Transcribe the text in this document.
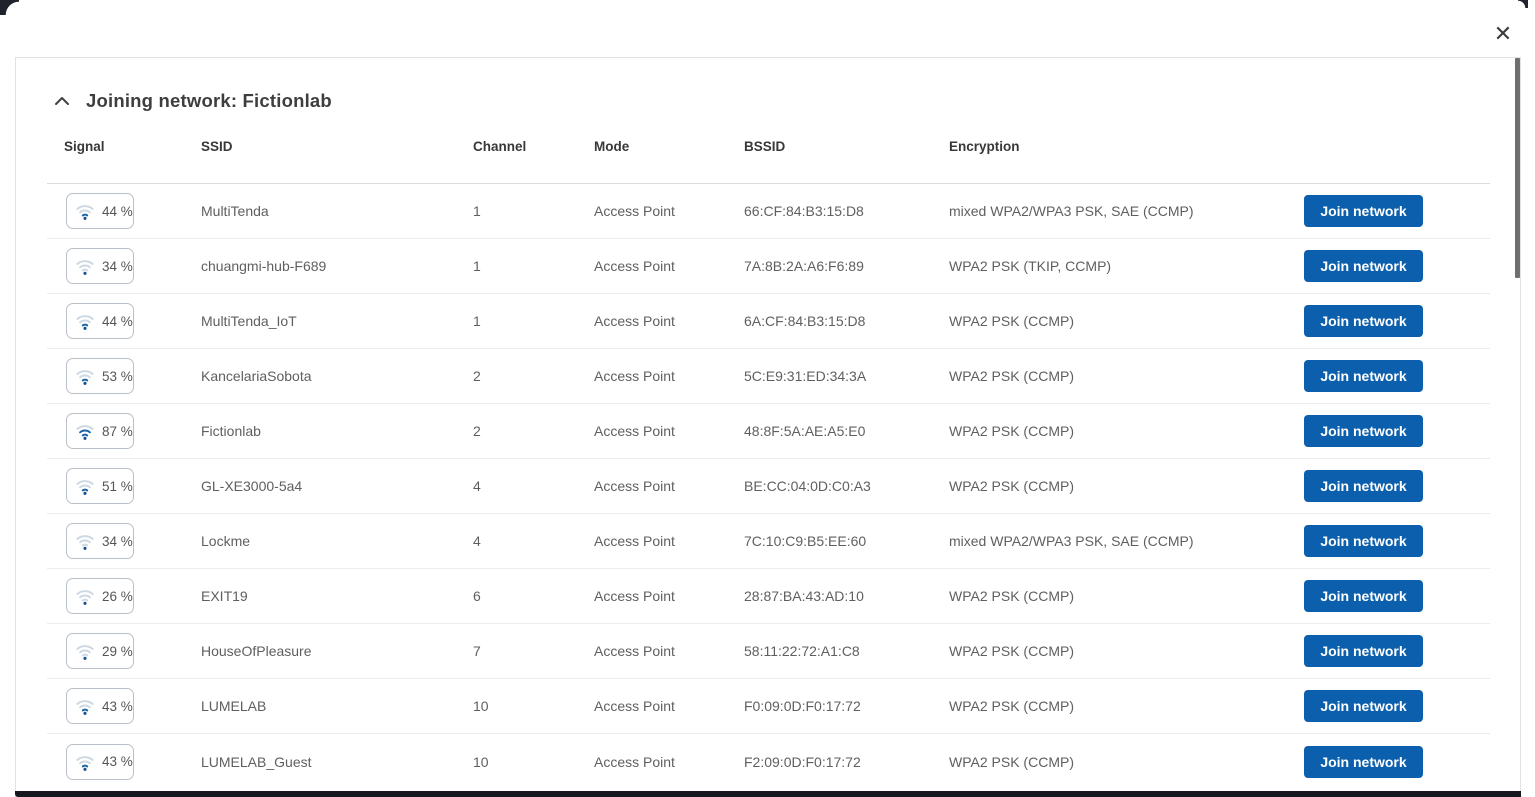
✕
Joining network: Fictionlab
Signal	SSID	Channel	Mode	BSSID	Encryption
44 %	MultiTenda	1	Access Point	66:CF:84:B3:15:D8	mixed WPA2/WPA3 PSK, SAE (CCMP)	Join network
34 %	chuangmi-hub-F689	1	Access Point	7A:8B:2A:A6:F6:89	WPA2 PSK (TKIP, CCMP)	Join network
44 %	MultiTenda_IoT	1	Access Point	6A:CF:84:B3:15:D8	WPA2 PSK (CCMP)	Join network
53 %	KancelariaSobota	2	Access Point	5C:E9:31:ED:34:3A	WPA2 PSK (CCMP)	Join network
87 %	Fictionlab	2	Access Point	48:8F:5A:AE:A5:E0	WPA2 PSK (CCMP)	Join network
51 %	GL-XE3000-5a4	4	Access Point	BE:CC:04:0D:C0:A3	WPA2 PSK (CCMP)	Join network
34 %	Lockme	4	Access Point	7C:10:C9:B5:EE:60	mixed WPA2/WPA3 PSK, SAE (CCMP)	Join network
26 %	EXIT19	6	Access Point	28:87:BA:43:AD:10	WPA2 PSK (CCMP)	Join network
29 %	HouseOfPleasure	7	Access Point	58:11:22:72:A1:C8	WPA2 PSK (CCMP)	Join network
43 %	LUMELAB	10	Access Point	F0:09:0D:F0:17:72	WPA2 PSK (CCMP)	Join network
43 %	LUMELAB_Guest	10	Access Point	F2:09:0D:F0:17:72	WPA2 PSK (CCMP)	Join network
